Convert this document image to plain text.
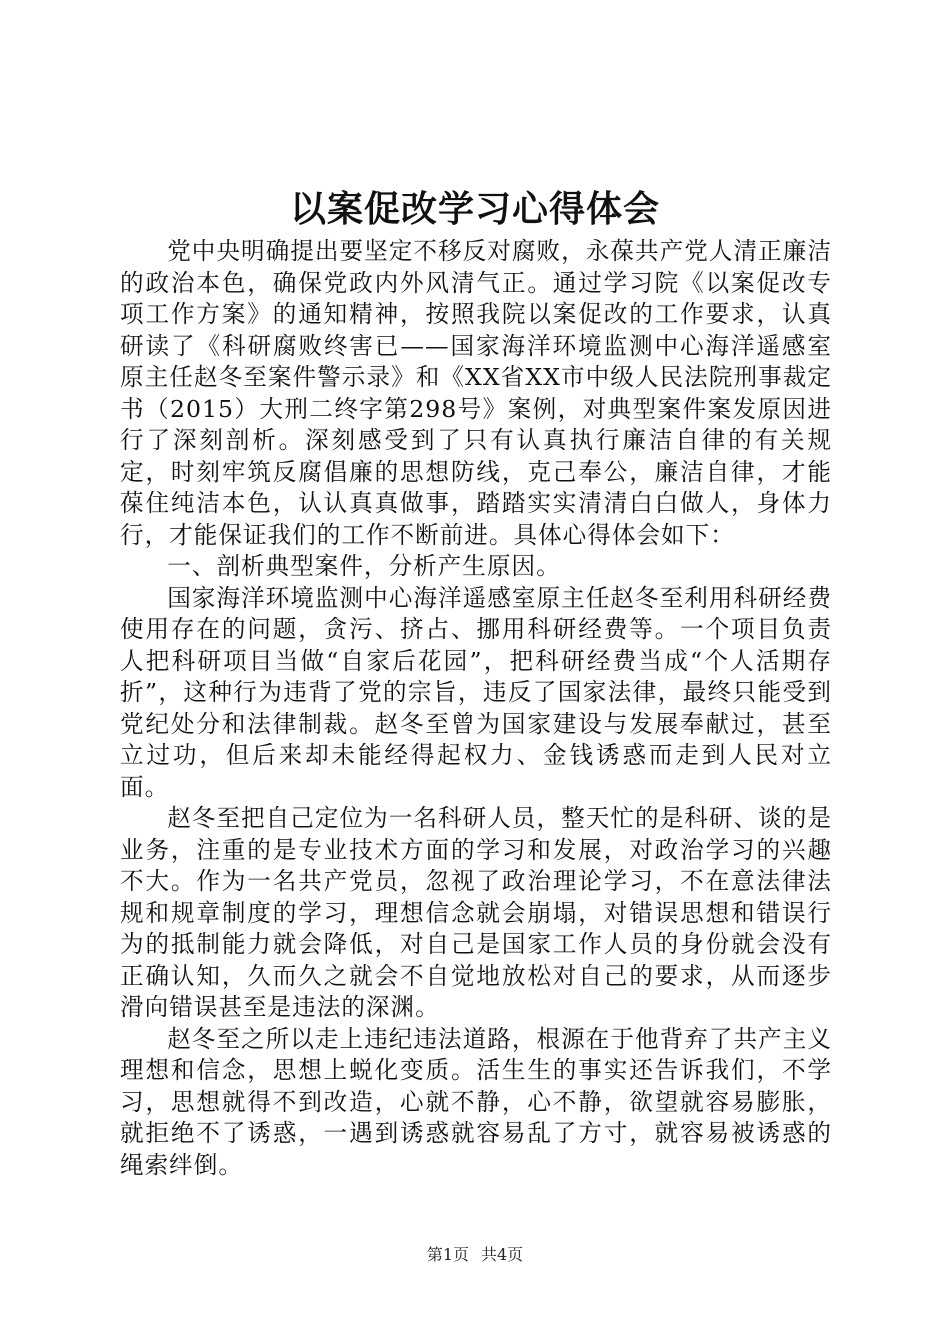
以案促改学习心得体会

党中央明确提出要坚定不移反对腐败，永葆共产党人清正廉洁的政治本色，确保党政内外风清气正。通过学习院《以案促改专项工作方案》的通知精神，按照我院以案促改的工作要求，认真研读了《科研腐败终害已——国家海洋环境监测中心海洋遥感室原主任赵冬至案件警示录》和《XX省XX市中级人民法院刑事裁定书（2015）大刑二终字第298号》案例，对典型案件案发原因进行了深刻剖析。深刻感受到了只有认真执行廉洁自律的有关规定，时刻牢筑反腐倡廉的思想防线，克己奉公，廉洁自律，才能葆住纯洁本色，认认真真做事，踏踏实实清清白白做人，身体力行，才能保证我们的工作不断前进。具体心得体会如下：

一、剖析典型案件，分析产生原因。

国家海洋环境监测中心海洋遥感室原主任赵冬至利用科研经费使用存在的问题，贪污、挤占、挪用科研经费等。一个项目负责人把科研项目当做“自家后花园”，把科研经费当成“个人活期存折”，这种行为违背了党的宗旨，违反了国家法律，最终只能受到党纪处分和法律制裁。赵冬至曾为国家建设与发展奉献过，甚至立过功，但后来却未能经得起权力、金钱诱惑而走到人民对立面。

赵冬至把自己定位为一名科研人员，整天忙的是科研、谈的是业务，注重的是专业技术方面的学习和发展，对政治学习的兴趣不大。作为一名共产党员，忽视了政治理论学习，不在意法律法规和规章制度的学习，理想信念就会崩塌，对错误思想和错误行为的抵制能力就会降低，对自己是国家工作人员的身份就会没有正确认知，久而久之就会不自觉地放松对自己的要求，从而逐步滑向错误甚至是违法的深渊。

赵冬至之所以走上违纪违法道路，根源在于他背弃了共产主义理想和信念，思想上蜕化变质。活生生的事实还告诉我们，不学习，思想就得不到改造，心就不静，心不静，欲望就容易膨胀，就拒绝不了诱惑，一遇到诱惑就容易乱了方寸，就容易被诱惑的绳索绊倒。

第1页 共4页
